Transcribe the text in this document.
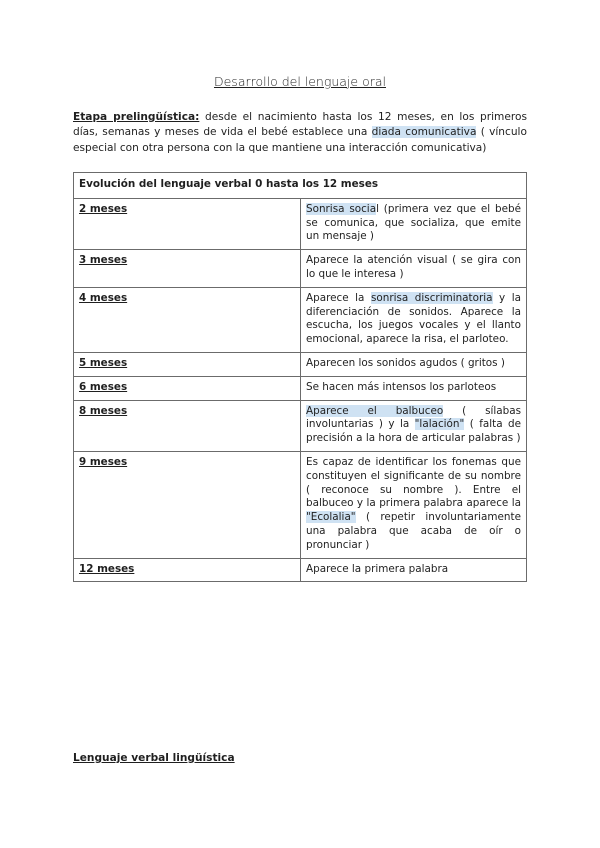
Desarrollo del lenguaje oral
Etapa prelingüística: desde el nacimiento hasta los 12 meses, en los primeros días, semanas y meses de vida el bebé establece una diada comunicativa ( vínculo especial con otra persona con la que mantiene una interacción comunicativa)
Evolución del lenguaje verbal 0 hasta los 12 meses	
2 meses	Sonrisa social (primera vez que el bebé se comunica, que socializa, que emite un mensaje )
3 meses	Aparece la atención visual ( se gira con lo que le interesa )
4 meses	Aparece la sonrisa discriminatoria y la diferenciación de sonidos. Aparece la escucha, los juegos vocales y el llanto emocional, aparece la risa, el parloteo.
5 meses	Aparecen los sonidos agudos ( gritos )
6 meses	Se hacen más intensos los parloteos
8 meses	Aparece el balbuceo ( sílabas involuntarias ) y la "lalación" ( falta de precisión a la hora de articular palabras )
9 meses	Es capaz de identificar los fonemas que constituyen el significante de su nombre ( reconoce su nombre ). Entre el balbuceo y la primera palabra aparece la "Ecolalia" ( repetir involuntariamente una palabra que acaba de oír o pronunciar )
12 meses	Aparece la primera palabra
Lenguaje verbal lingüística
